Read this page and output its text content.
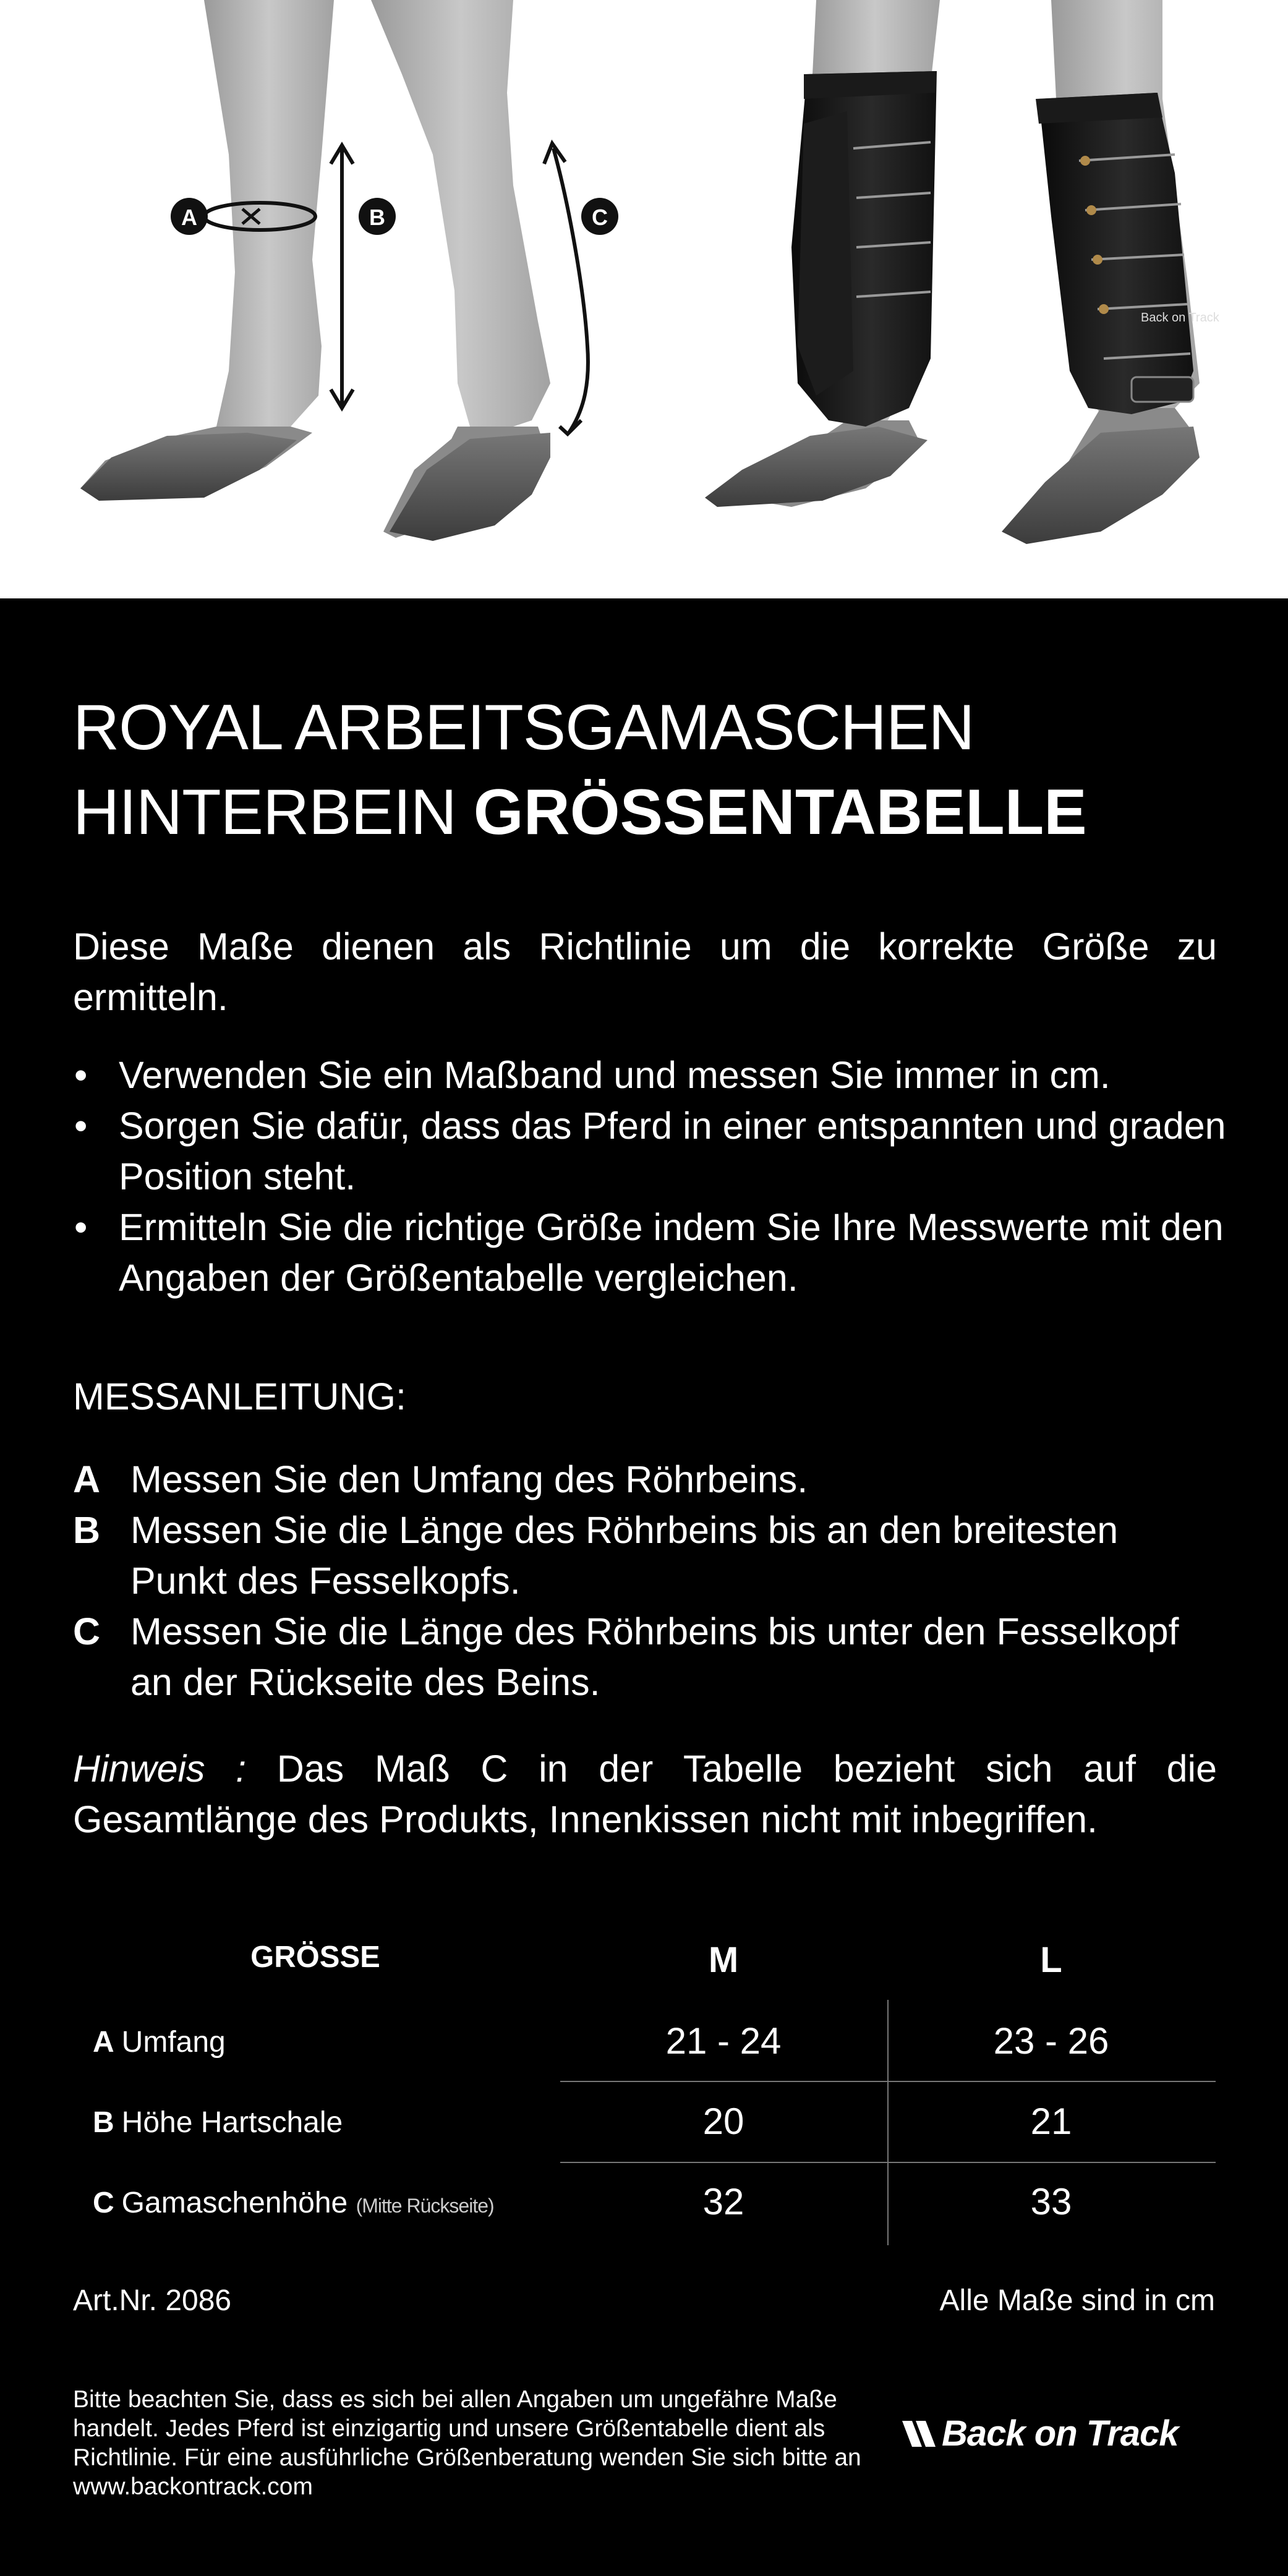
Back on Track
A	B	C
ROYAL ARBEITSGAMASCHEN
HINTERBEIN GRÖSSENTABELLE
Diese Maße dienen als Richtlinie um die korrekte Größe zu ermitteln.
• Verwenden Sie ein Maßband und messen Sie immer in cm.
• Sorgen Sie dafür, dass das Pferd in einer entspannten und graden Position steht.
• Ermitteln Sie die richtige Größe indem Sie Ihre Messwerte mit den Angaben der Größentabelle vergleichen.
MESSANLEITUNG:
A Messen Sie den Umfang des Röhrbeins.
B Messen Sie die Länge des Röhrbeins bis an den breitesten Punkt des Fesselkopfs.
C Messen Sie die Länge des Röhrbeins bis unter den Fesselkopf an der Rückseite des Beins.
Hinweis : Das Maß C in der Tabelle bezieht sich auf die Gesamtlänge des Produkts, Innenkissen nicht mit inbegriffen.
GRÖSSE	M	L
A Umfang	21 - 24	23 - 26
B Höhe Hartschale	20	21
C Gamaschenhöhe (Mitte Rückseite)	32	33
Art.Nr. 2086	Alle Maße sind in cm
Bitte beachten Sie, dass es sich bei allen Angaben um ungefähre Maße handelt. Jedes Pferd ist einzigartig und unsere Größentabelle dient als Richtlinie. Für eine ausführliche Größenberatung wenden Sie sich bitte an www.backontrack.com
Back on Track
